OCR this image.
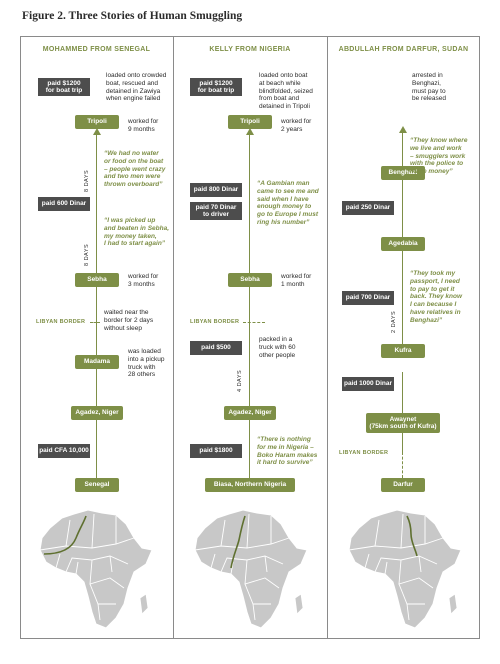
Figure 2. Three Stories of Human Smuggling
MOHAMMED FROM SENEGAL
Tripoli
Sebha
Madama
Agadez, Niger
Senegal
paid $1200
for boat trip
paid 600 Dinar
paid CFA 10,000
loaded onto crowded
boat, rescued and
detained in Zawiya
when engine failed
worked for
9 months
worked for
3 months
waited near the
border for 2 days
without sleep
was loaded
into a pickup
truck with
28 others
“We had no water
or food on the boat
– people went crazy
and two men were
thrown overboard”
“I was picked up
and beaten in Sebha,
my money taken,
I had to start again”
8 DAYS
8 DAYS
LIBYAN BORDER
KELLY FROM NIGERIA
Tripoli
Sebha
Agadez, Niger
Biasa, Northern Nigeria
paid $1200
for boat trip
paid 800 Dinar
paid 70 Dinar
to driver
paid $500
paid $1800
loaded onto boat
at beach while
blindfolded, seized
from boat and
detained in Tripoli
worked for
2 years
worked for
1 month
packed in a
truck with 60
other people
“A Gambian man
came to see me and
said when I have
enough money to
go to Europe I must
ring his number”
“There is nothing
for me in Nigeria –
Boko Haram makes
it hard to survive”
4 DAYS
LIBYAN BORDER
ABDULLAH FROM DARFUR, SUDAN
Benghazi
Agedabia
Kufra
Awaynet
(75km south of Kufra)
Darfur
paid 250 Dinar
paid 700 Dinar
paid 1000 Dinar
arrested in
Benghazi,
must pay to
be released
“They know where
we live and work
– smugglers work
with the police to
make money”
“They took my
passport, I need
to pay to get it
back. They know
I can because I
have relatives in
Benghazi”
2 DAYS
LIBYAN BORDER
